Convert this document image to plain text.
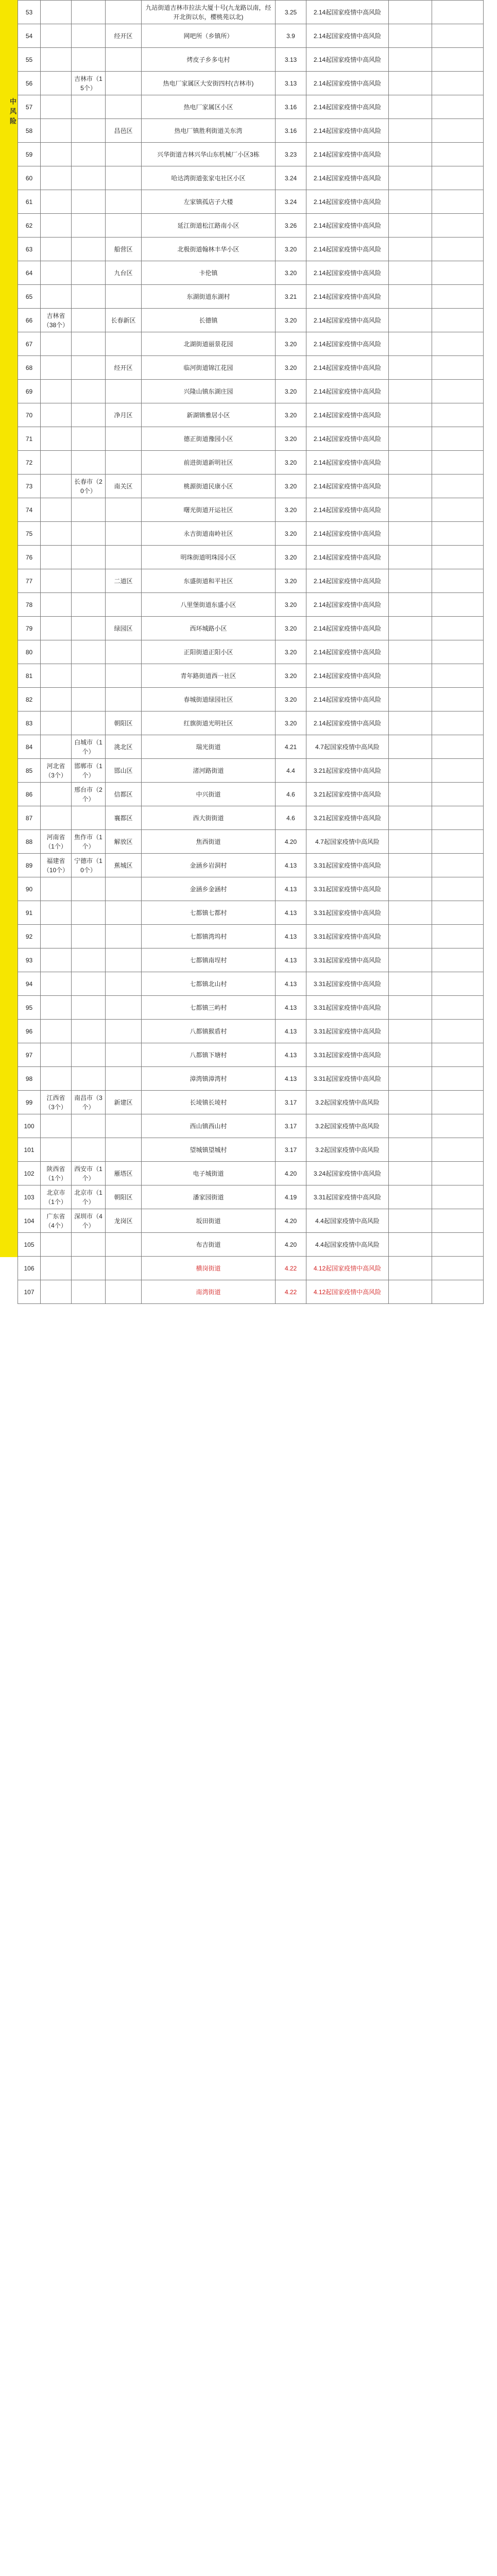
中风险
53				九站街道吉林市拉法大厦十号(九龙路以南，经开北街以东，樱桃苑以北)	3.25	2.14起国家疫情中高风险		
54			经开区	网吧所（乡镇所）	3.9	2.14起国家疫情中高风险		
55				烤皮子乡多屯村	3.13	2.14起国家疫情中高风险		
56		吉林市（15个）		热电厂家属区大安街四村(吉林市)	3.13	2.14起国家疫情中高风险		
57				热电厂家属区小区	3.16	2.14起国家疫情中高风险		
58			昌邑区	热电厂镇胜利街道关东湾	3.16	2.14起国家疫情中高风险		
59				兴华街道吉林兴华山东机械厂小区3栋	3.23	2.14起国家疫情中高风险		
60				哈达湾街道张家屯社区小区	3.24	2.14起国家疫情中高风险		
61				左家镇孤店子大楼	3.24	2.14起国家疫情中高风险		
62				延江街道松江路南小区	3.26	2.14起国家疫情中高风险		
63			船营区	北极街道翰林丰华小区	3.20	2.14起国家疫情中高风险		
64			九台区	卡伦镇	3.20	2.14起国家疫情中高风险		
65				东湖街道东湖村	3.21	2.14起国家疫情中高风险		
66	吉林省（38个）		长春新区	长德镇	3.20	2.14起国家疫情中高风险		
67				北湖街道丽景花园	3.20	2.14起国家疫情中高风险		
68			经开区	临河街道锦江花园	3.20	2.14起国家疫情中高风险		
69				兴隆山镇东湖庄园	3.20	2.14起国家疫情中高风险		
70			净月区	新湖镇雅居小区	3.20	2.14起国家疫情中高风险		
71				德正街道豫园小区	3.20	2.14起国家疫情中高风险		
72				前进街道新明社区	3.20	2.14起国家疫情中高风险		
73		长春市（20个）	南关区	桃源街道民康小区	3.20	2.14起国家疫情中高风险		
74				曙光街道开运社区	3.20	2.14起国家疫情中高风险		
75				永吉街道南岭社区	3.20	2.14起国家疫情中高风险		
76				明珠街道明珠园小区	3.20	2.14起国家疫情中高风险		
77			二道区	东盛街道和平社区	3.20	2.14起国家疫情中高风险		
78				八里堡街道东盛小区	3.20	2.14起国家疫情中高风险		
79			绿园区	西环城路小区	3.20	2.14起国家疫情中高风险		
80				正阳街道正阳小区	3.20	2.14起国家疫情中高风险		
81				青年路街道西一社区	3.20	2.14起国家疫情中高风险		
82				春城街道绿园社区	3.20	2.14起国家疫情中高风险		
83			朝阳区	红旗街道光明社区	3.20	2.14起国家疫情中高风险		
84		白城市（1个）	洮北区	瑞光街道	4.21	4.7起国家疫情中高风险		
85	河北省（3个）	邯郸市（1个）	邯山区	渚河路街道	4.4	3.21起国家疫情中高风险		
86		邢台市（2个）	信都区	中兴街道	4.6	3.21起国家疫情中高风险		
87			襄都区	西大街街道	4.6	3.21起国家疫情中高风险		
88	河南省（1个）	焦作市（1个）	解放区	焦西街道	4.20	4.7起国家疫情中高风险		
89	福建省（10个）	宁德市（10个）	蕉城区	金涵乡岩洞村	4.13	3.31起国家疫情中高风险		
90				金涵乡金涵村	4.13	3.31起国家疫情中高风险		
91				七都镇七都村	4.13	3.31起国家疫情中高风险		
92				七都镇湾坞村	4.13	3.31起国家疫情中高风险		
93				七都镇南埕村	4.13	3.31起国家疫情中高风险		
94				七都镇北山村	4.13	3.31起国家疫情中高风险		
95				七都镇三屿村	4.13	3.31起国家疫情中高风险		
96				八都镇猴盾村	4.13	3.31起国家疫情中高风险		
97				八都镇下塘村	4.13	3.31起国家疫情中高风险		
98				漳湾镇漳湾村	4.13	3.31起国家疫情中高风险		
99	江西省（3个）	南昌市（3个）	新建区	长堎镇长堎村	3.17	3.2起国家疫情中高风险		
100				西山镇西山村	3.17	3.2起国家疫情中高风险		
101				望城镇望城村	3.17	3.2起国家疫情中高风险		
102	陕西省（1个）	西安市（1个）	雁塔区	电子城街道	4.20	3.24起国家疫情中高风险		
103	北京市（1个）	北京市（1个）	朝阳区	潘家园街道	4.19	3.31起国家疫情中高风险		
104	广东省（4个）	深圳市（4个）	龙岗区	坂田街道	4.20	4.4起国家疫情中高风险		
105				布吉街道	4.20	4.4起国家疫情中高风险		
106				横岗街道	4.22	4.12起国家疫情中高风险		
107				南湾街道	4.22	4.12起国家疫情中高风险		
